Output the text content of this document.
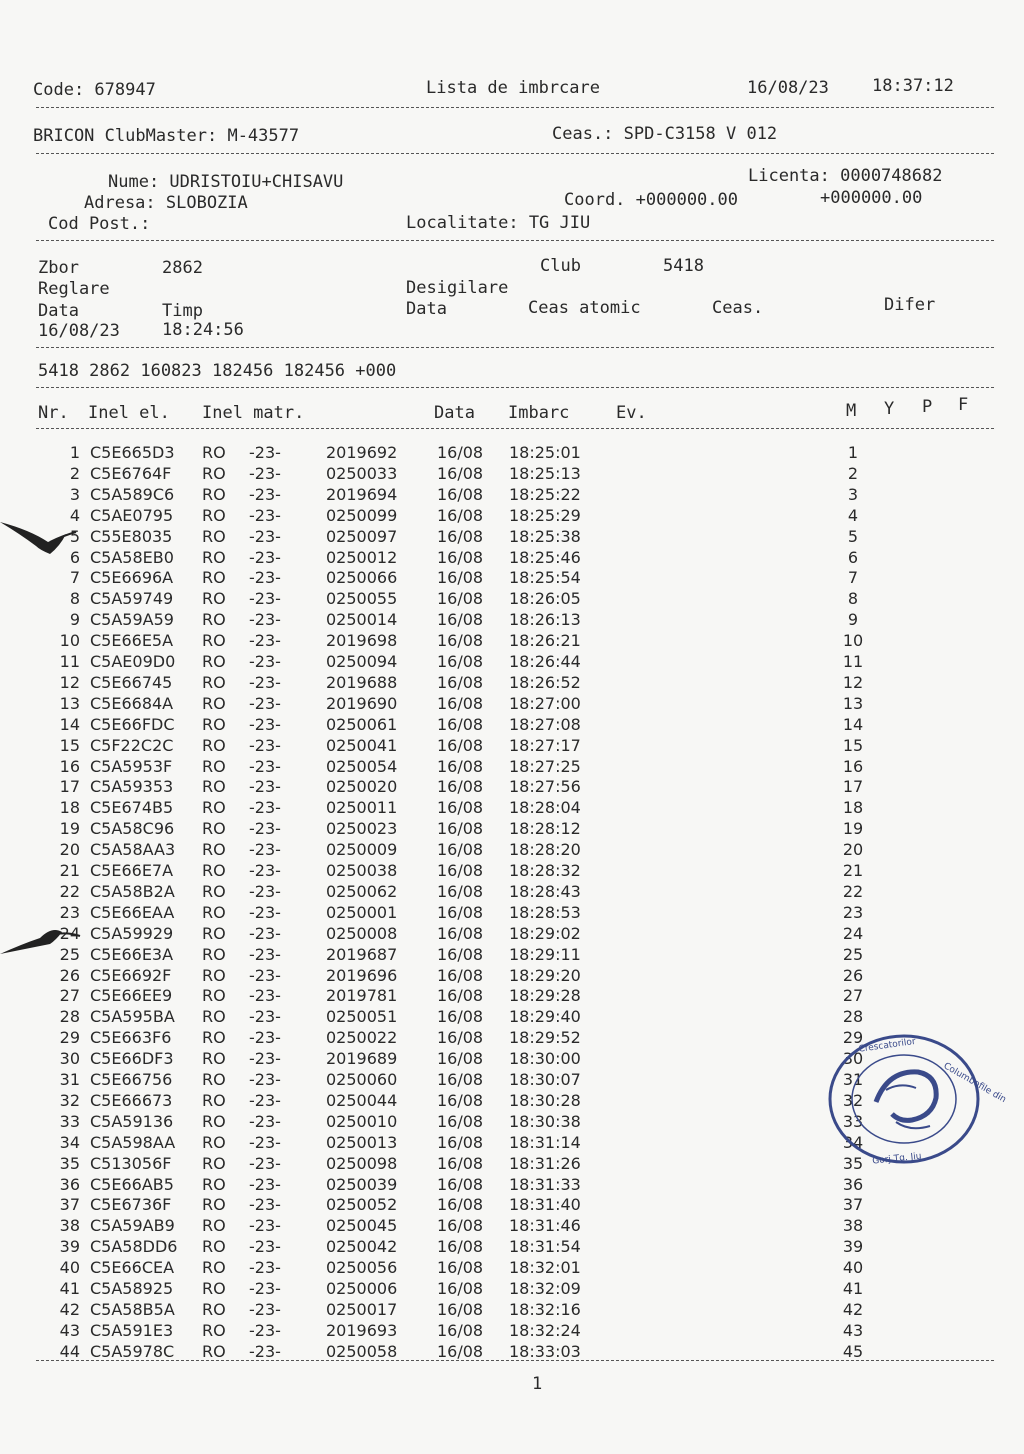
Code: 678947	Lista de imbrcare	16/08/23	18:37:12
BRICON ClubMaster: M-43577	Ceas.: SPD-C3158 V 012
Nume: UDRISTOIU+CHISAVU	Licenta: 0000748682
Adresa: SLOBOZIA	Coord. +000000.00	+000000.00
Cod Post.:	Localitate: TG JIU
Zbor	2862	Club	5418
Reglare	Desigilare
Data	Timp	Data	Ceas atomic	Ceas.	Difer
16/08/23 18:24:56
5418 2862 160823 182456 182456 +000
Nr. Inel el. Inel matr.	Data Imbarc	Ev.	M Y P F
1 C5E665D3 RO -23-	2019692 16/08 18:25:01	1
2 C5E6764F RO -23-	0250033 16/08 18:25:13	2
3 C5A589C6 RO -23-	2019694 16/08 18:25:22	3
4 C5AE0795 RO -23-	0250099 16/08 18:25:29	4
5 C55E8035 RO -23-	0250097 16/08 18:25:38	5
6 C5A58EB0 RO -23-	0250012 16/08 18:25:46	6
7 C5E6696A RO -23-	0250066 16/08 18:25:54	7
8 C5A59749 RO -23-	0250055 16/08 18:26:05	8
9 C5A59A59 RO -23-	0250014 16/08 18:26:13	9
10 C5E66E5A RO -23-	2019698 16/08 18:26:21	10
11 C5AE09D0 RO -23-	0250094 16/08 18:26:44	11
12 C5E66745 RO -23-	2019688 16/08 18:26:52	12
13 C5E6684A RO -23-	2019690 16/08 18:27:00	13
14 C5E66FDC RO -23-	0250061 16/08 18:27:08	14
15 C5F22C2C RO -23-	0250041 16/08 18:27:17	15
16 C5A5953F RO -23-	0250054 16/08 18:27:25	16
17 C5A59353 RO -23-	0250020 16/08 18:27:56	17
18 C5E674B5 RO -23-	0250011 16/08 18:28:04	18
19 C5A58C96 RO -23-	0250023 16/08 18:28:12	19
20 C5A58AA3 RO -23-	0250009 16/08 18:28:20	20
21 C5E66E7A RO -23-	0250038 16/08 18:28:32	21
22 C5A58B2A RO -23-	0250062 16/08 18:28:43	22
23 C5E66EAA RO -23-	0250001 16/08 18:28:53	23
24 C5A59929 RO -23-	0250008 16/08 18:29:02	24
25 C5E66E3A RO -23-	2019687 16/08 18:29:11	25
26 C5E6692F RO -23-	2019696 16/08 18:29:20	26
27 C5E66EE9 RO -23-	2019781 16/08 18:29:28	27
28 C5A595BA RO -23-	0250051 16/08 18:29:40	28
29 C5E663F6 RO -23-	0250022 16/08 18:29:52	29
30 C5E66DF3 RO -23-	2019689 16/08 18:30:00	30
31 C5E66756 RO -23-	0250060 16/08 18:30:07	31
32 C5E66673 RO -23-	0250044 16/08 18:30:28	32
33 C5A59136 RO -23-	0250010 16/08 18:30:38	33
34 C5A598AA RO -23-	0250013 16/08 18:31:14	34
35 C513056F RO -23-	0250098 16/08 18:31:26	35
36 C5E66AB5 RO -23-	0250039 16/08 18:31:33	36
37 C5E6736F RO -23-	0250052 16/08 18:31:40	37
38 C5A59AB9 RO -23-	0250045 16/08 18:31:46	38
39 C5A58DD6 RO -23-	0250042 16/08 18:31:54	39
40 C5E66CEA RO -23-	0250056 16/08 18:32:01	40
41 C5A58925 RO -23-	0250006 16/08 18:32:09	41
42 C5A58B5A RO -23-	0250017 16/08 18:32:16	42
43 C5A591E3 RO -23-	2019693 16/08 18:32:24	43
44 C5A5978C RO -23-	0250058 16/08 18:33:03	45
1
Crescatorilor
Columbofile din
Gorj Tg. Jiu
